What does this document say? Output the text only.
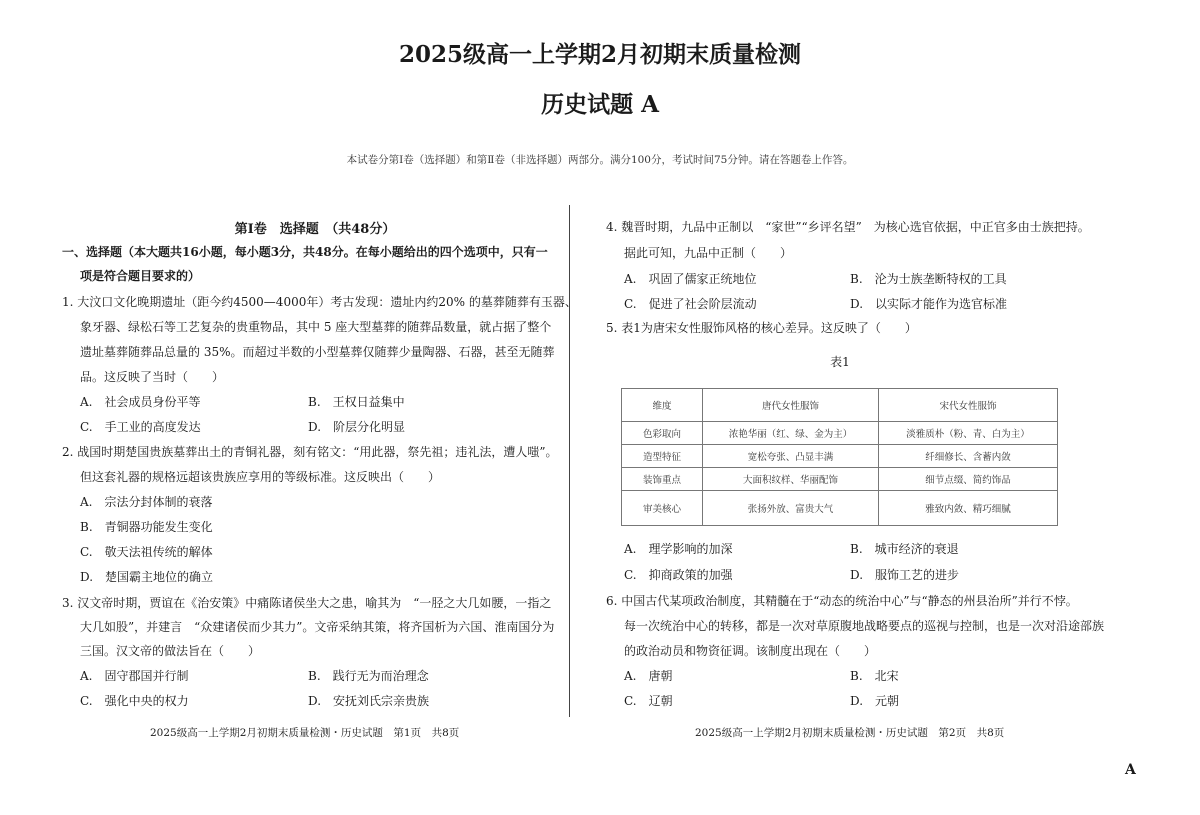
2025级高一上学期2月初期末质量检测
历史试题 A
本试卷分第Ⅰ卷（选择题）和第Ⅱ卷（非选择题）两部分。满分100分，考试时间75分钟。请在答题卷上作答。
第Ⅰ卷　选择题　（共48分）
一、选择题（本大题共16小题，每小题3分，共48分。在每小题给出的四个选项中，只有一
项是符合题目要求的）
1. 大汶口文化晚期遗址（距今约4500—4000年）考古发现：遗址内约20% 的墓葬随葬有玉器、
象牙器、绿松石等工艺复杂的贵重物品，其中 5 座大型墓葬的随葬品数量，就占据了整个
遗址墓葬随葬品总量的 35%。而超过半数的小型墓葬仅随葬少量陶器、石器，甚至无随葬
品。这反映了当时（　　）
A.　社会成员身份平等	B.　王权日益集中
C.　手工业的高度发达	D.　阶层分化明显
2. 战国时期楚国贵族墓葬出土的青铜礼器，刻有铭文：“用此器，祭先祖；违礼法，遭人嗤”。
但这套礼器的规格远超该贵族应享用的等级标准。这反映出（　　）
A.　宗法分封体制的衰落
B.　青铜器功能发生变化
C.　敬天法祖传统的解体
D.　楚国霸主地位的确立
3. 汉文帝时期，贾谊在《治安策》中痛陈诸侯坐大之患，喻其为　“一胫之大几如腰，一指之
大几如股”，并建言　“众建诸侯而少其力”。文帝采纳其策，将齐国析为六国、淮南国分为
三国。汉文帝的做法旨在（　　）
A.　固守郡国并行制	B.　践行无为而治理念
C.　强化中央的权力	D.　安抚刘氏宗亲贵族
2025级高一上学期2月初期末质量检测・历史试题　第1页　共8页
4. 魏晋时期，九品中正制以　“家世”“乡评名望”　为核心选官依据，中正官多由士族把持。
据此可知，九品中正制（　　）
A.　巩固了儒家正统地位	B.　沦为士族垄断特权的工具
C.　促进了社会阶层流动	D.　以实际才能作为选官标准
5. 表1为唐宋女性服饰风格的核心差异。这反映了（　　）
表1
维度	唐代女性服饰	宋代女性服饰
色彩取向	浓艳华丽（红、绿、金为主）	淡雅质朴（粉、青、白为主）
造型特征	宽松夸张、凸显丰满	纤细修长、含蓄内敛
装饰重点	大面积纹样、华丽配饰	细节点缀、简约饰品
审美核心	张扬外放、富贵大气	雅致内敛、精巧细腻
A.　理学影响的加深	B.　城市经济的衰退
C.　抑商政策的加强	D.　服饰工艺的进步
6. 中国古代某项政治制度，其精髓在于“动态的统治中心”与“静态的州县治所”并行不悖。
每一次统治中心的转移，都是一次对草原腹地战略要点的巡视与控制，也是一次对沿途部族
的政治动员和物资征调。该制度出现在（　　）
A.　唐朝	B.　北宋
C.　辽朝	D.　元朝
2025级高一上学期2月初期末质量检测・历史试题　第2页　共8页
A
